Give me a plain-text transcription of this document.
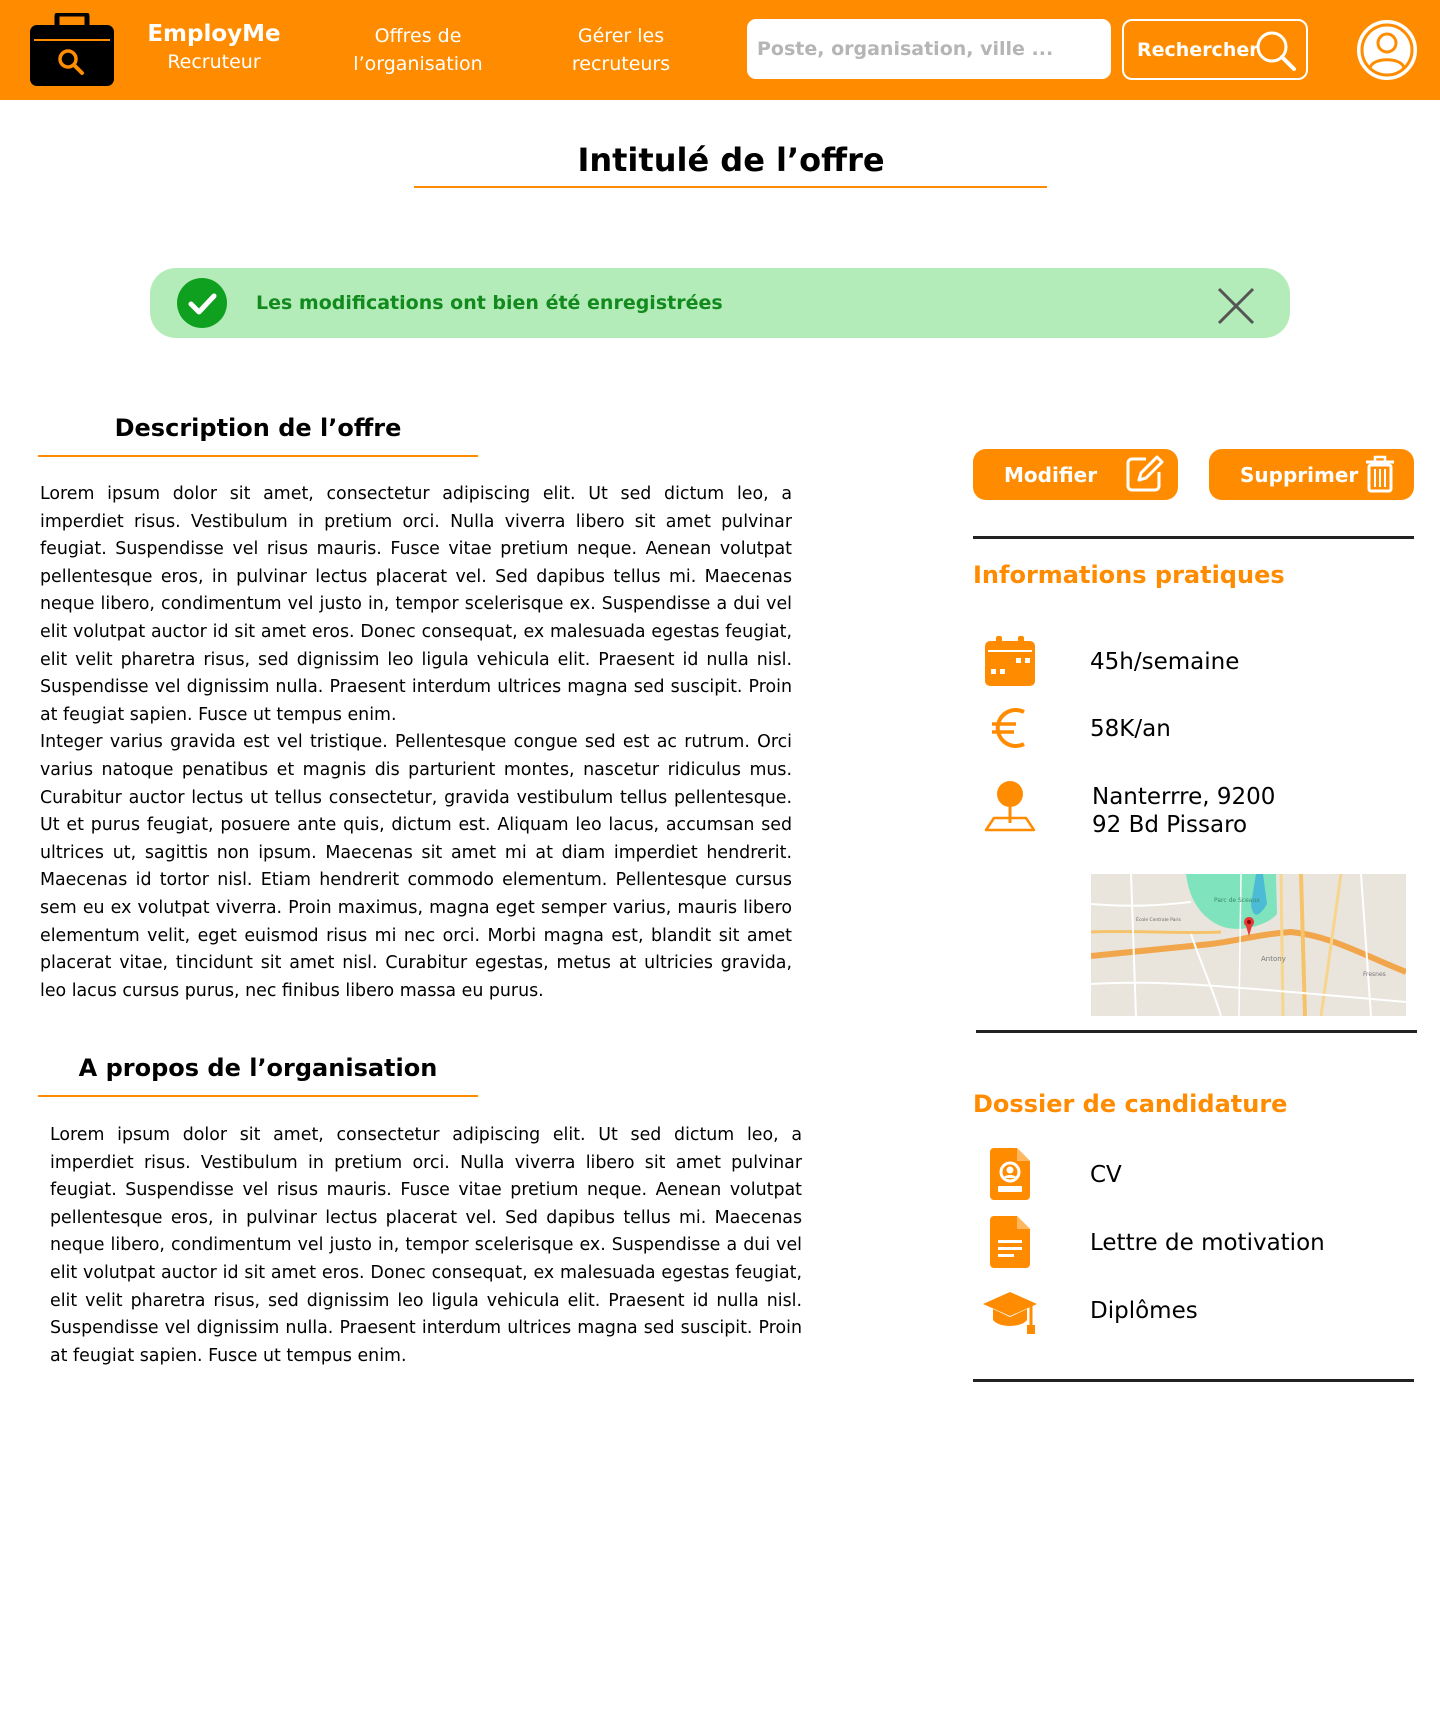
EmployMe
Recruteur
Offres de
l’organisation
Gérer les
recruteurs
Poste, organisation, ville ...
Rechercher
Intitulé de l’offre
Les modifications ont bien été enregistrées
Description de l’offre

Lorem ipsum dolor sit amet, consectetur adipiscing elit. Ut sed dictum leo, a imperdiet risus. Vestibulum in pretium orci. Nulla viverra libero sit amet pulvinar feugiat. Suspendisse vel risus mauris. Fusce vitae pretium neque. Aenean volutpat pellentesque eros, in pulvinar lectus placerat vel. Sed dapibus tellus mi. Maecenas neque libero, condimentum vel justo in, tempor scelerisque ex. Suspendisse a dui vel elit volutpat auctor id sit amet eros. Donec consequat, ex malesuada egestas feugiat, elit velit pharetra risus, sed dignissim leo ligula vehicula elit. Praesent id nulla nisl. Suspendisse vel dignissim nulla. Praesent interdum ultrices magna sed suscipit. Proin at feugiat sapien. Fusce ut tempus enim.

Integer varius gravida est vel tristique. Pellentesque congue sed est ac rutrum. Orci varius natoque penatibus et magnis dis parturient montes, nascetur ridiculus mus. Curabitur auctor lectus ut tellus consectetur, gravida vestibulum tellus pellentesque. Ut et purus feugiat, posuere ante quis, dictum est. Aliquam leo lacus, accumsan sed ultrices ut, sagittis non ipsum. Maecenas sit amet mi at diam imperdiet hendrerit. Maecenas id tortor nisl. Etiam hendrerit commodo elementum. Pellentesque cursus sem eu ex volutpat viverra. Proin maximus, magna eget semper varius, mauris libero elementum velit, eget euismod risus mi nec orci. Morbi magna est, blandit sit amet placerat vitae, tincidunt sit amet nisl. Curabitur egestas, metus at ultricies gravida, leo lacus cursus purus, nec finibus libero massa eu purus.

A propos de l’organisation

Lorem ipsum dolor sit amet, consectetur adipiscing elit. Ut sed dictum leo, a imperdiet risus. Vestibulum in pretium orci. Nulla viverra libero sit amet pulvinar feugiat. Suspendisse vel risus mauris. Fusce vitae pretium neque. Aenean volutpat pellentesque eros, in pulvinar lectus placerat vel. Sed dapibus tellus mi. Maecenas neque libero, condimentum vel justo in, tempor scelerisque ex. Suspendisse a dui vel elit volutpat auctor id sit amet eros. Donec consequat, ex malesuada egestas feugiat, elit velit pharetra risus, sed dignissim leo ligula vehicula elit. Praesent id nulla nisl. Suspendisse vel dignissim nulla. Praesent interdum ultrices magna sed suscipit. Proin at feugiat sapien. Fusce ut tempus enim.

Modifier	Supprimer
Informations pratiques
45h/semaine
58K/an
Nanterrre, 9200
92 Bd Pissaro
Parc de Sceaux
Antony
Fresnes
École Centrale Paris
Dossier de candidature
CV
Lettre de motivation
Diplômes
